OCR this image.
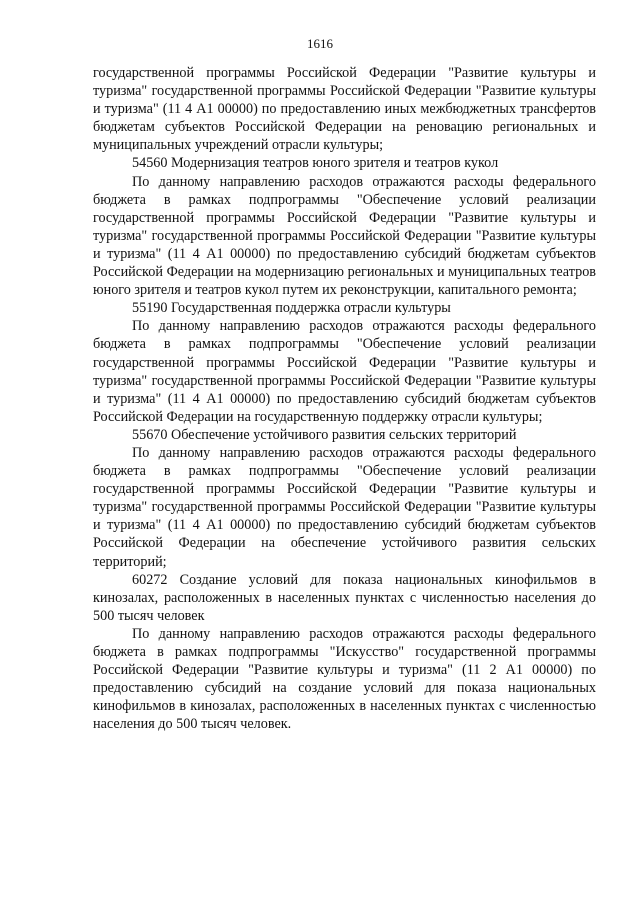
1616

государственной программы Российской Федерации "Развитие культуры и туризма" государственной программы Российской Федерации "Развитие культуры и туризма" (11 4 А1 00000) по предоставлению иных межбюджетных трансфертов бюджетам субъектов Российской Федерации на реновацию региональных и муниципальных учреждений отрасли культуры;

54560 Модернизация театров юного зрителя и театров кукол

По данному направлению расходов отражаются расходы федерального бюджета в рамках подпрограммы "Обеспечение условий реализации государственной программы Российской Федерации "Развитие культуры и туризма" государственной программы Российской Федерации "Развитие культуры и туризма" (11 4 А1 00000) по предоставлению субсидий бюджетам субъектов Российской Федерации на модернизацию региональных и муниципальных театров юного зрителя и театров кукол путем их реконструкции, капитального ремонта;

55190 Государственная поддержка отрасли культуры

По данному направлению расходов отражаются расходы федерального бюджета в рамках подпрограммы "Обеспечение условий реализации государственной программы Российской Федерации "Развитие культуры и туризма" государственной программы Российской Федерации "Развитие культуры и туризма" (11 4 А1 00000) по предоставлению субсидий бюджетам субъектов Российской Федерации на государственную поддержку отрасли культуры;

55670 Обеспечение устойчивого развития сельских территорий

По данному направлению расходов отражаются расходы федерального бюджета в рамках подпрограммы "Обеспечение условий реализации государственной программы Российской Федерации "Развитие культуры и туризма" государственной программы Российской Федерации "Развитие культуры и туризма" (11 4 А1 00000) по предоставлению субсидий бюджетам субъектов Российской Федерации на обеспечение устойчивого развития сельских территорий;

60272 Создание условий для показа национальных кинофильмов в кинозалах, расположенных в населенных пунктах с численностью населения до 500 тысяч человек

По данному направлению расходов отражаются расходы федерального бюджета в рамках подпрограммы "Искусство" государственной программы Российской Федерации "Развитие культуры и туризма" (11 2 А1 00000) по предоставлению субсидий на создание условий для показа национальных кинофильмов в кинозалах, расположенных в населенных пунктах с численностью населения до 500 тысяч человек.
